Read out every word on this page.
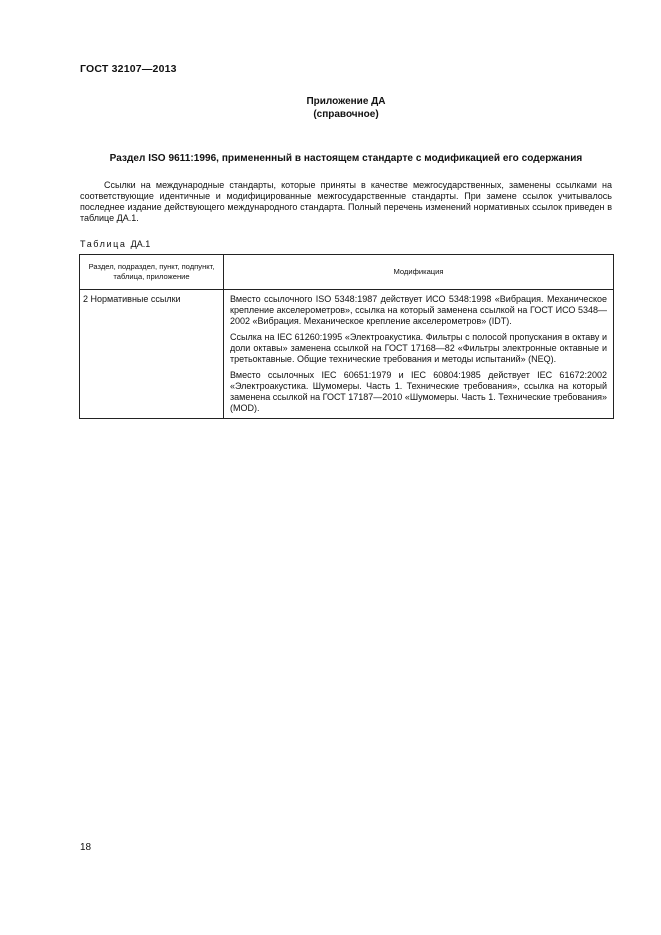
ГОСТ 32107—2013
Приложение ДА
(справочное)
Раздел ISO 9611:1996, примененный в настоящем стандарте с модификацией его содержания

Ссылки на международные стандарты, которые приняты в качестве межгосударственных, заменены ссылками на соответствующие идентичные и модифицированные межгосударственные стандарты. При замене ссылок учитывалось последнее издание действующего международного стандарта. Полный перечень изменений нормативных ссылок приведен в таблице ДА.1.

Таблица ДА.1
Раздел, подраздел, пункт, подпункт, таблица, приложение	Модификация
2 Нормативные ссылки	Вместо ссылочного ISO 5348:1987 действует ИСО 5348:1998 «Вибрация. Механическое крепление акселерометров», ссылка на который заменена ссылкой на ГОСТ ИСО 5348—2002 «Вибрация. Механическое крепление акселерометров» (IDT).

Ссылка на IEC 61260:1995 «Электроакустика. Фильтры с полосой пропускания в октаву и доли октавы» заменена ссылкой на ГОСТ 17168—82 «Фильтры электронные октавные и третьоктавные. Общие технические требования и методы испытаний» (NEQ).

Вместо ссылочных IEC 60651:1979 и IEC 60804:1985 действует IEC 61672:2002 «Электроакустика. Шумомеры. Часть 1. Технические требования», ссылка на который заменена ссылкой на ГОСТ 17187—2010 «Шумомеры. Часть 1. Технические требования» (MOD).

18
